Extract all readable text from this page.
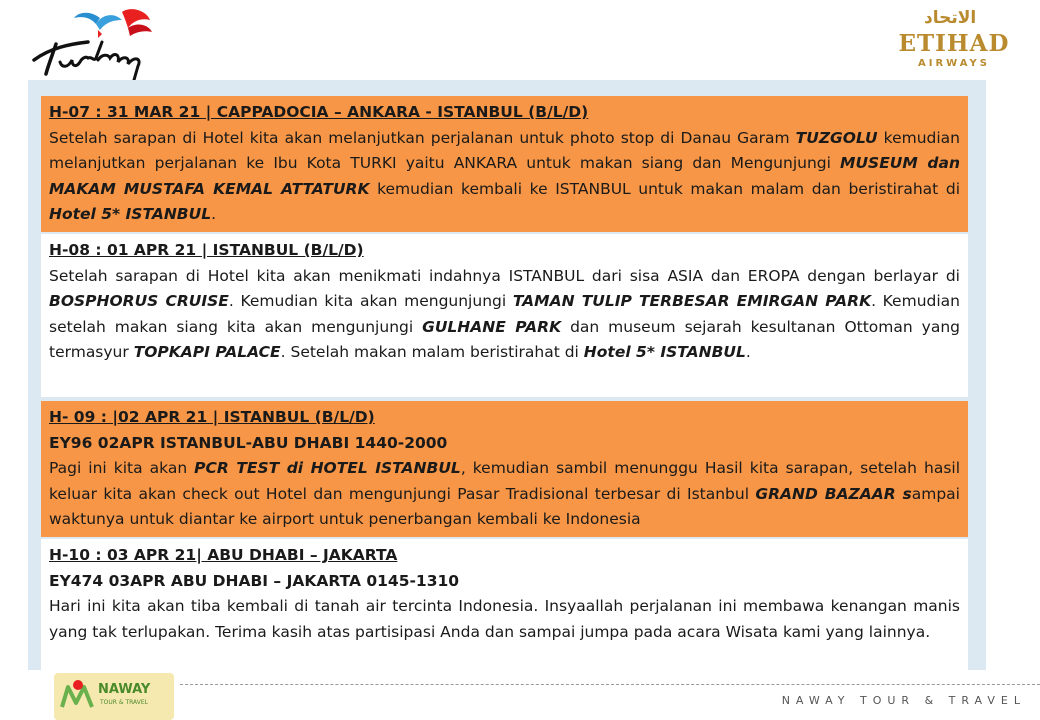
الاتحاد
ETIHAD
AIRWAYS
H-07 : 31 MAR 21 | CAPPADOCIA – ANKARA - ISTANBUL (B/L/D)

Setelah sarapan di Hotel kita akan melanjutkan perjalanan untuk photo stop di Danau Garam TUZGOLU kemudian melanjutkan perjalanan ke Ibu Kota TURKI yaitu ANKARA untuk makan siang dan Mengunjungi MUSEUM dan MAKAM MUSTAFA KEMAL ATTATURK kemudian kembali ke ISTANBUL untuk makan malam dan beristirahat di Hotel 5* ISTANBUL.

H-08 : 01 APR 21 | ISTANBUL (B/L/D)

Setelah sarapan di Hotel kita akan menikmati indahnya ISTANBUL dari sisa ASIA dan EROPA dengan berlayar di BOSPHORUS CRUISE. Kemudian kita akan mengunjungi TAMAN TULIP TERBESAR EMIRGAN PARK. Kemudian setelah makan siang kita akan mengunjungi GULHANE PARK dan museum sejarah kesultanan Ottoman yang termasyur TOPKAPI PALACE. Setelah makan malam beristirahat di Hotel 5* ISTANBUL.

H- 09 : |02 APR 21 | ISTANBUL (B/L/D)
EY96 02APR ISTANBUL-ABU DHABI 1440-2000

Pagi ini kita akan PCR TEST di HOTEL ISTANBUL, kemudian sambil menunggu Hasil kita sarapan, setelah hasil keluar kita akan check out Hotel dan mengunjungi Pasar Tradisional terbesar di Istanbul GRAND BAZAAR sampai waktunya untuk diantar ke airport untuk penerbangan kembali ke Indonesia

H-10 : 03 APR 21| ABU DHABI – JAKARTA
EY474 03APR ABU DHABI – JAKARTA 0145-1310

Hari ini kita akan tiba kembali di tanah air tercinta Indonesia. Insyaallah perjalanan ini membawa kenangan manis yang tak terlupakan. Terima kasih atas partisipasi Anda dan sampai jumpa pada acara Wisata kami yang lainnya.

NAWAY
TOUR & TRAVEL	NAWAY TOUR & TRAVEL
